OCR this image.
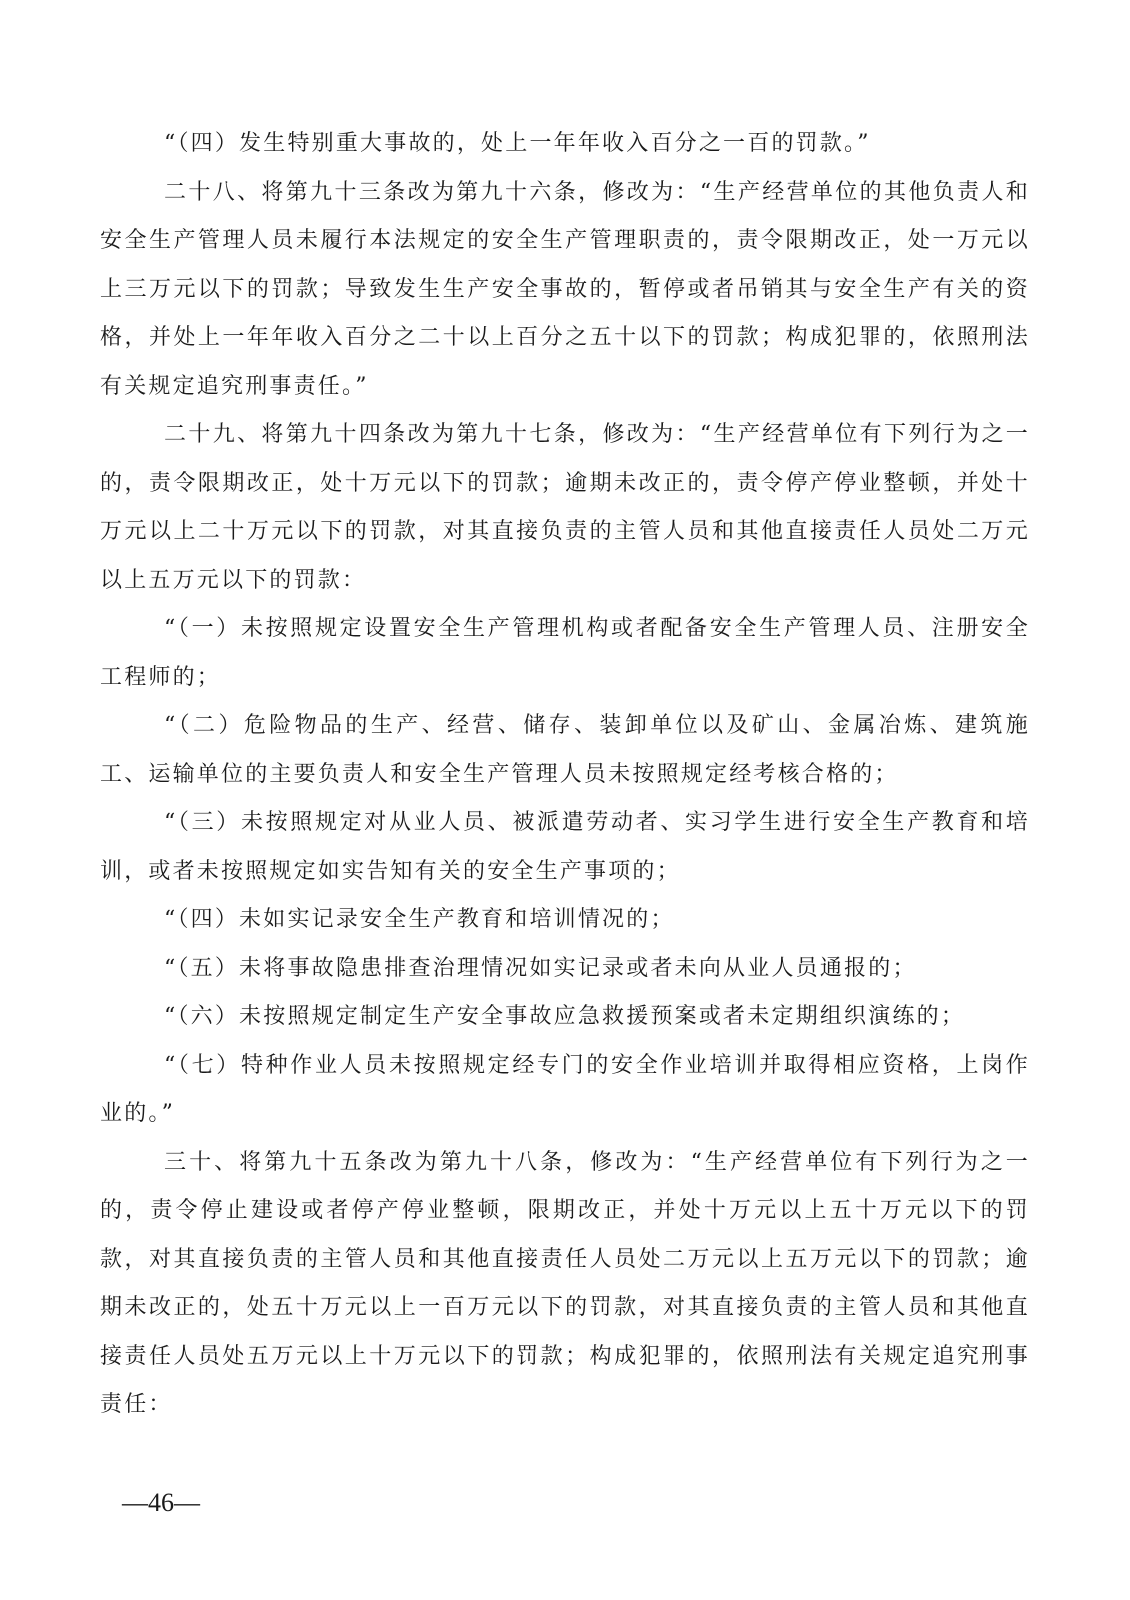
“（四）发生特别重大事故的，处上一年年收入百分之一百的罚款。”

二十八、将第九十三条改为第九十六条，修改为：“生产经营单位的其他负责人和安全生产管理人员未履行本法规定的安全生产管理职责的，责令限期改正，处一万元以上三万元以下的罚款；导致发生生产安全事故的，暂停或者吊销其与安全生产有关的资格，并处上一年年收入百分之二十以上百分之五十以下的罚款；构成犯罪的，依照刑法有关规定追究刑事责任。”

二十九、将第九十四条改为第九十七条，修改为：“生产经营单位有下列行为之一的，责令限期改正，处十万元以下的罚款；逾期未改正的，责令停产停业整顿，并处十万元以上二十万元以下的罚款，对其直接负责的主管人员和其他直接责任人员处二万元以上五万元以下的罚款：

“（一）未按照规定设置安全生产管理机构或者配备安全生产管理人员、注册安全工程师的；

“（二）危险物品的生产、经营、储存、装卸单位以及矿山、金属冶炼、建筑施工、运输单位的主要负责人和安全生产管理人员未按照规定经考核合格的；

“（三）未按照规定对从业人员、被派遣劳动者、实习学生进行安全生产教育和培训，或者未按照规定如实告知有关的安全生产事项的；

“（四）未如实记录安全生产教育和培训情况的；

“（五）未将事故隐患排查治理情况如实记录或者未向从业人员通报的；

“（六）未按照规定制定生产安全事故应急救援预案或者未定期组织演练的；

“（七）特种作业人员未按照规定经专门的安全作业培训并取得相应资格，上岗作业的。”

三十、将第九十五条改为第九十八条，修改为：“生产经营单位有下列行为之一的，责令停止建设或者停产停业整顿，限期改正，并处十万元以上五十万元以下的罚款，对其直接负责的主管人员和其他直接责任人员处二万元以上五万元以下的罚款；逾期未改正的，处五十万元以上一百万元以下的罚款，对其直接负责的主管人员和其他直接责任人员处五万元以上十万元以下的罚款；构成犯罪的，依照刑法有关规定追究刑事责任：

—46—
